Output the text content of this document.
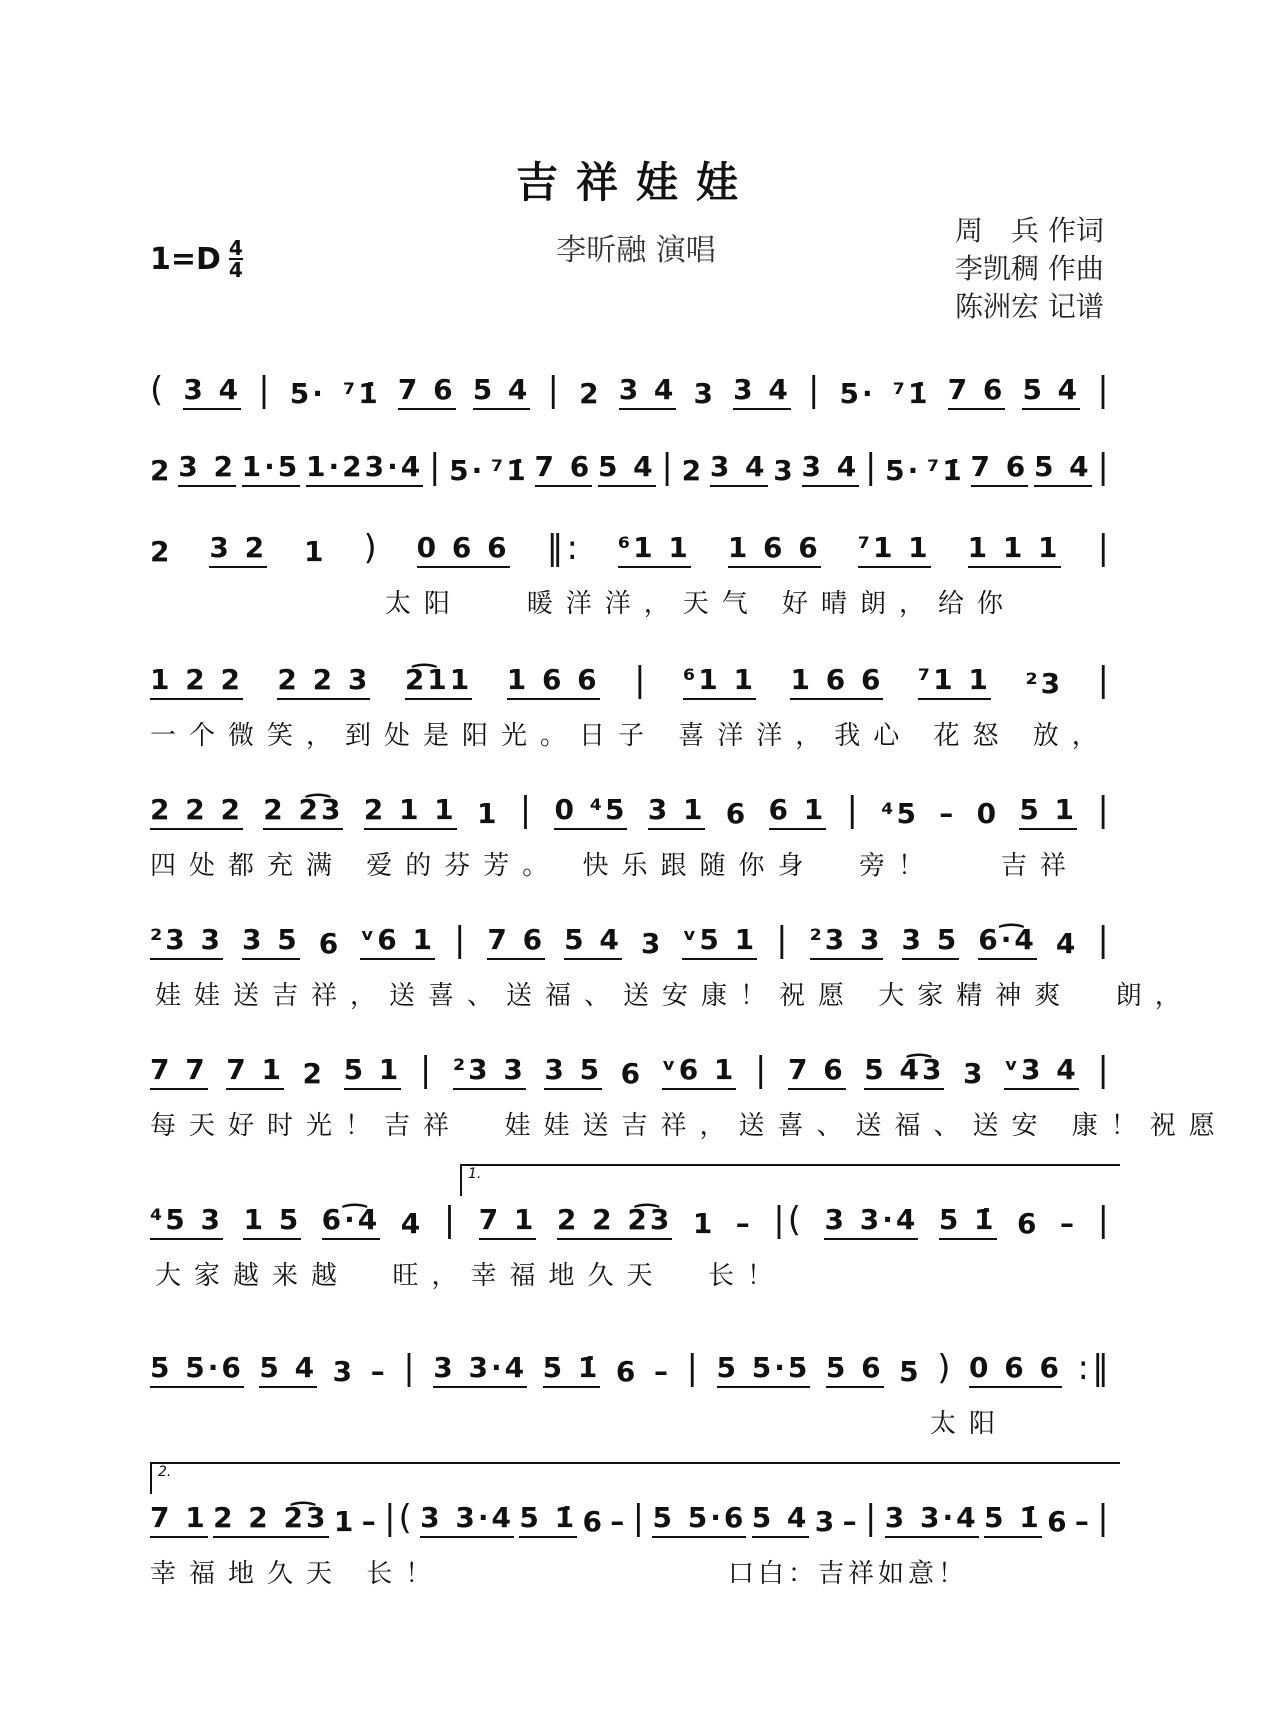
吉祥娃娃
李昕融 演唱
$1=D \frac{4}{4}$
周　兵 作词
李凯稠 作曲
陈洲宏 记谱
( 3 4 | 5· ⁷1̇ 7 6 5 4 | 2 3 4 3 3 4 | 5· ⁷1̇ 7 6 5 4 |
2 3 2 1·5 1·23·4 | 5· ⁷1̇ 7 6 5 4 | 2 3 4 3 3 4 | 5· ⁷1̇ 7 6 5 4 |
2 3 2 1 ) 0 6 6 ‖: ⁶1 1 1 6 6 ⁷1 1 1 1 1 |
太阳   暖洋洋，天气 好晴朗，给你
1 2 2 2 2 3 2͡11 1 6 6 | ⁶1 1 1 6 6 ⁷1 1 ²3 |
一个微笑，到处是阳光。日子 喜洋洋，我心 花怒 放，
2 2 2 2 2͡3 2 1 1 1 | 0 ⁴5 3 1 6 6 1 | ⁴5 – 0 5 1 |
四处都充满 爱的芬芳。 快乐跟随你身  旁！   吉祥
²3 3 3 5 6 ᵛ6 1 | 7 6 5 4 3 ᵛ5 1 | ²3 3 3 5 6·͡4 4 |
娃娃送吉祥，送喜、送福、送安康！祝愿 大家精神爽  朗，
7 7 7 1 2 5 1 | ²3 3 3 5 6 ᵛ6 1 | 7 6 5 4͡3 3 ᵛ3 4 |
每天好时光！吉祥  娃娃送吉祥，送喜、送福、送安 康！祝愿
1.
⁴5 3 1 5 6·͡4 4 | 7 1 2 2 2͡3 1 – |( 3 3·4 5 1̇ 6 – |
大家越来越  旺，幸福地久天  长！
5 5·6 5 4 3 – | 3 3·4 5 1̇ 6 – | 5 5·5 5 6 5 ) 0 6 6 :‖
太阳
2.
7 1 2 2 2͡3 1 – |( 3 3·4 5 1̇ 6 – | 5 5·6 5 4 3 – | 3 3·4 5 1̇ 6 – |
幸福地久天 长！	口白：吉祥如意！
